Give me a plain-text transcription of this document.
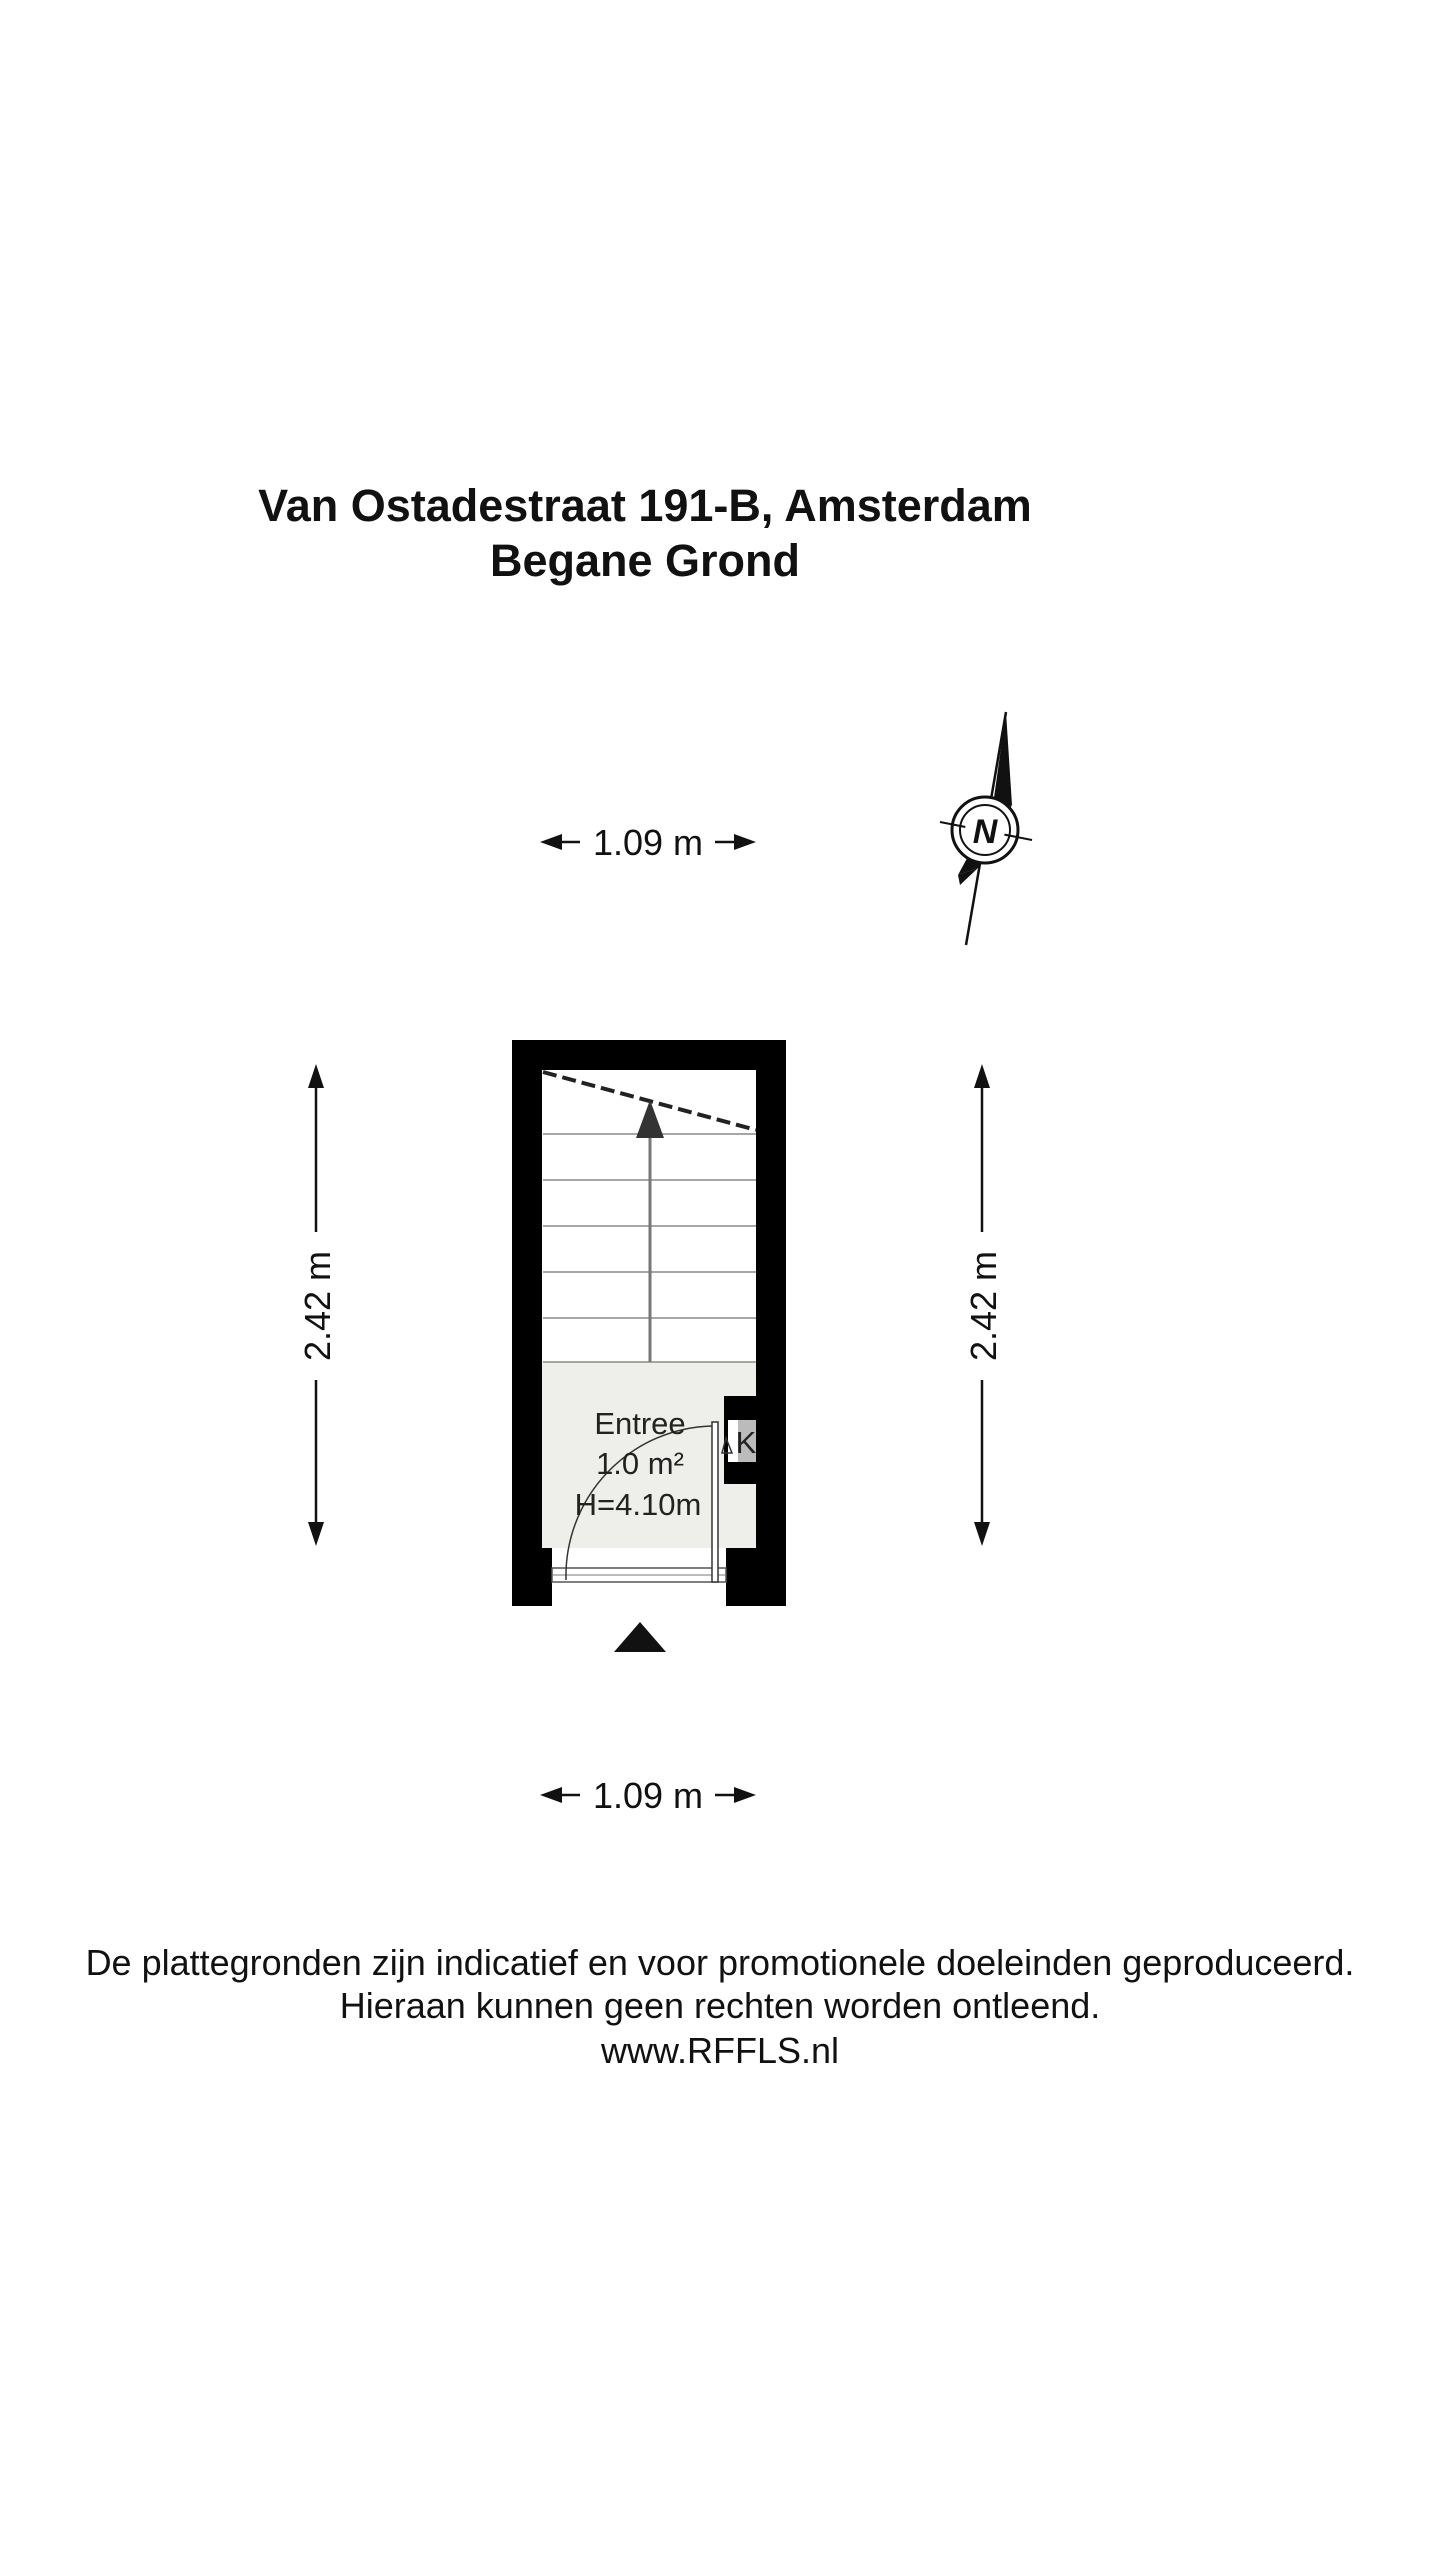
Van Ostadestraat 191-B, Amsterdam
Begane Grond
1.09 m
1.09 m
2.42 m	2.42 m
N
K
Entree
1.0 m²
H=4.10m
De plattegronden zijn indicatief en voor promotionele doeleinden geproduceerd.
Hieraan kunnen geen rechten worden ontleend.
www.RFFLS.nl
